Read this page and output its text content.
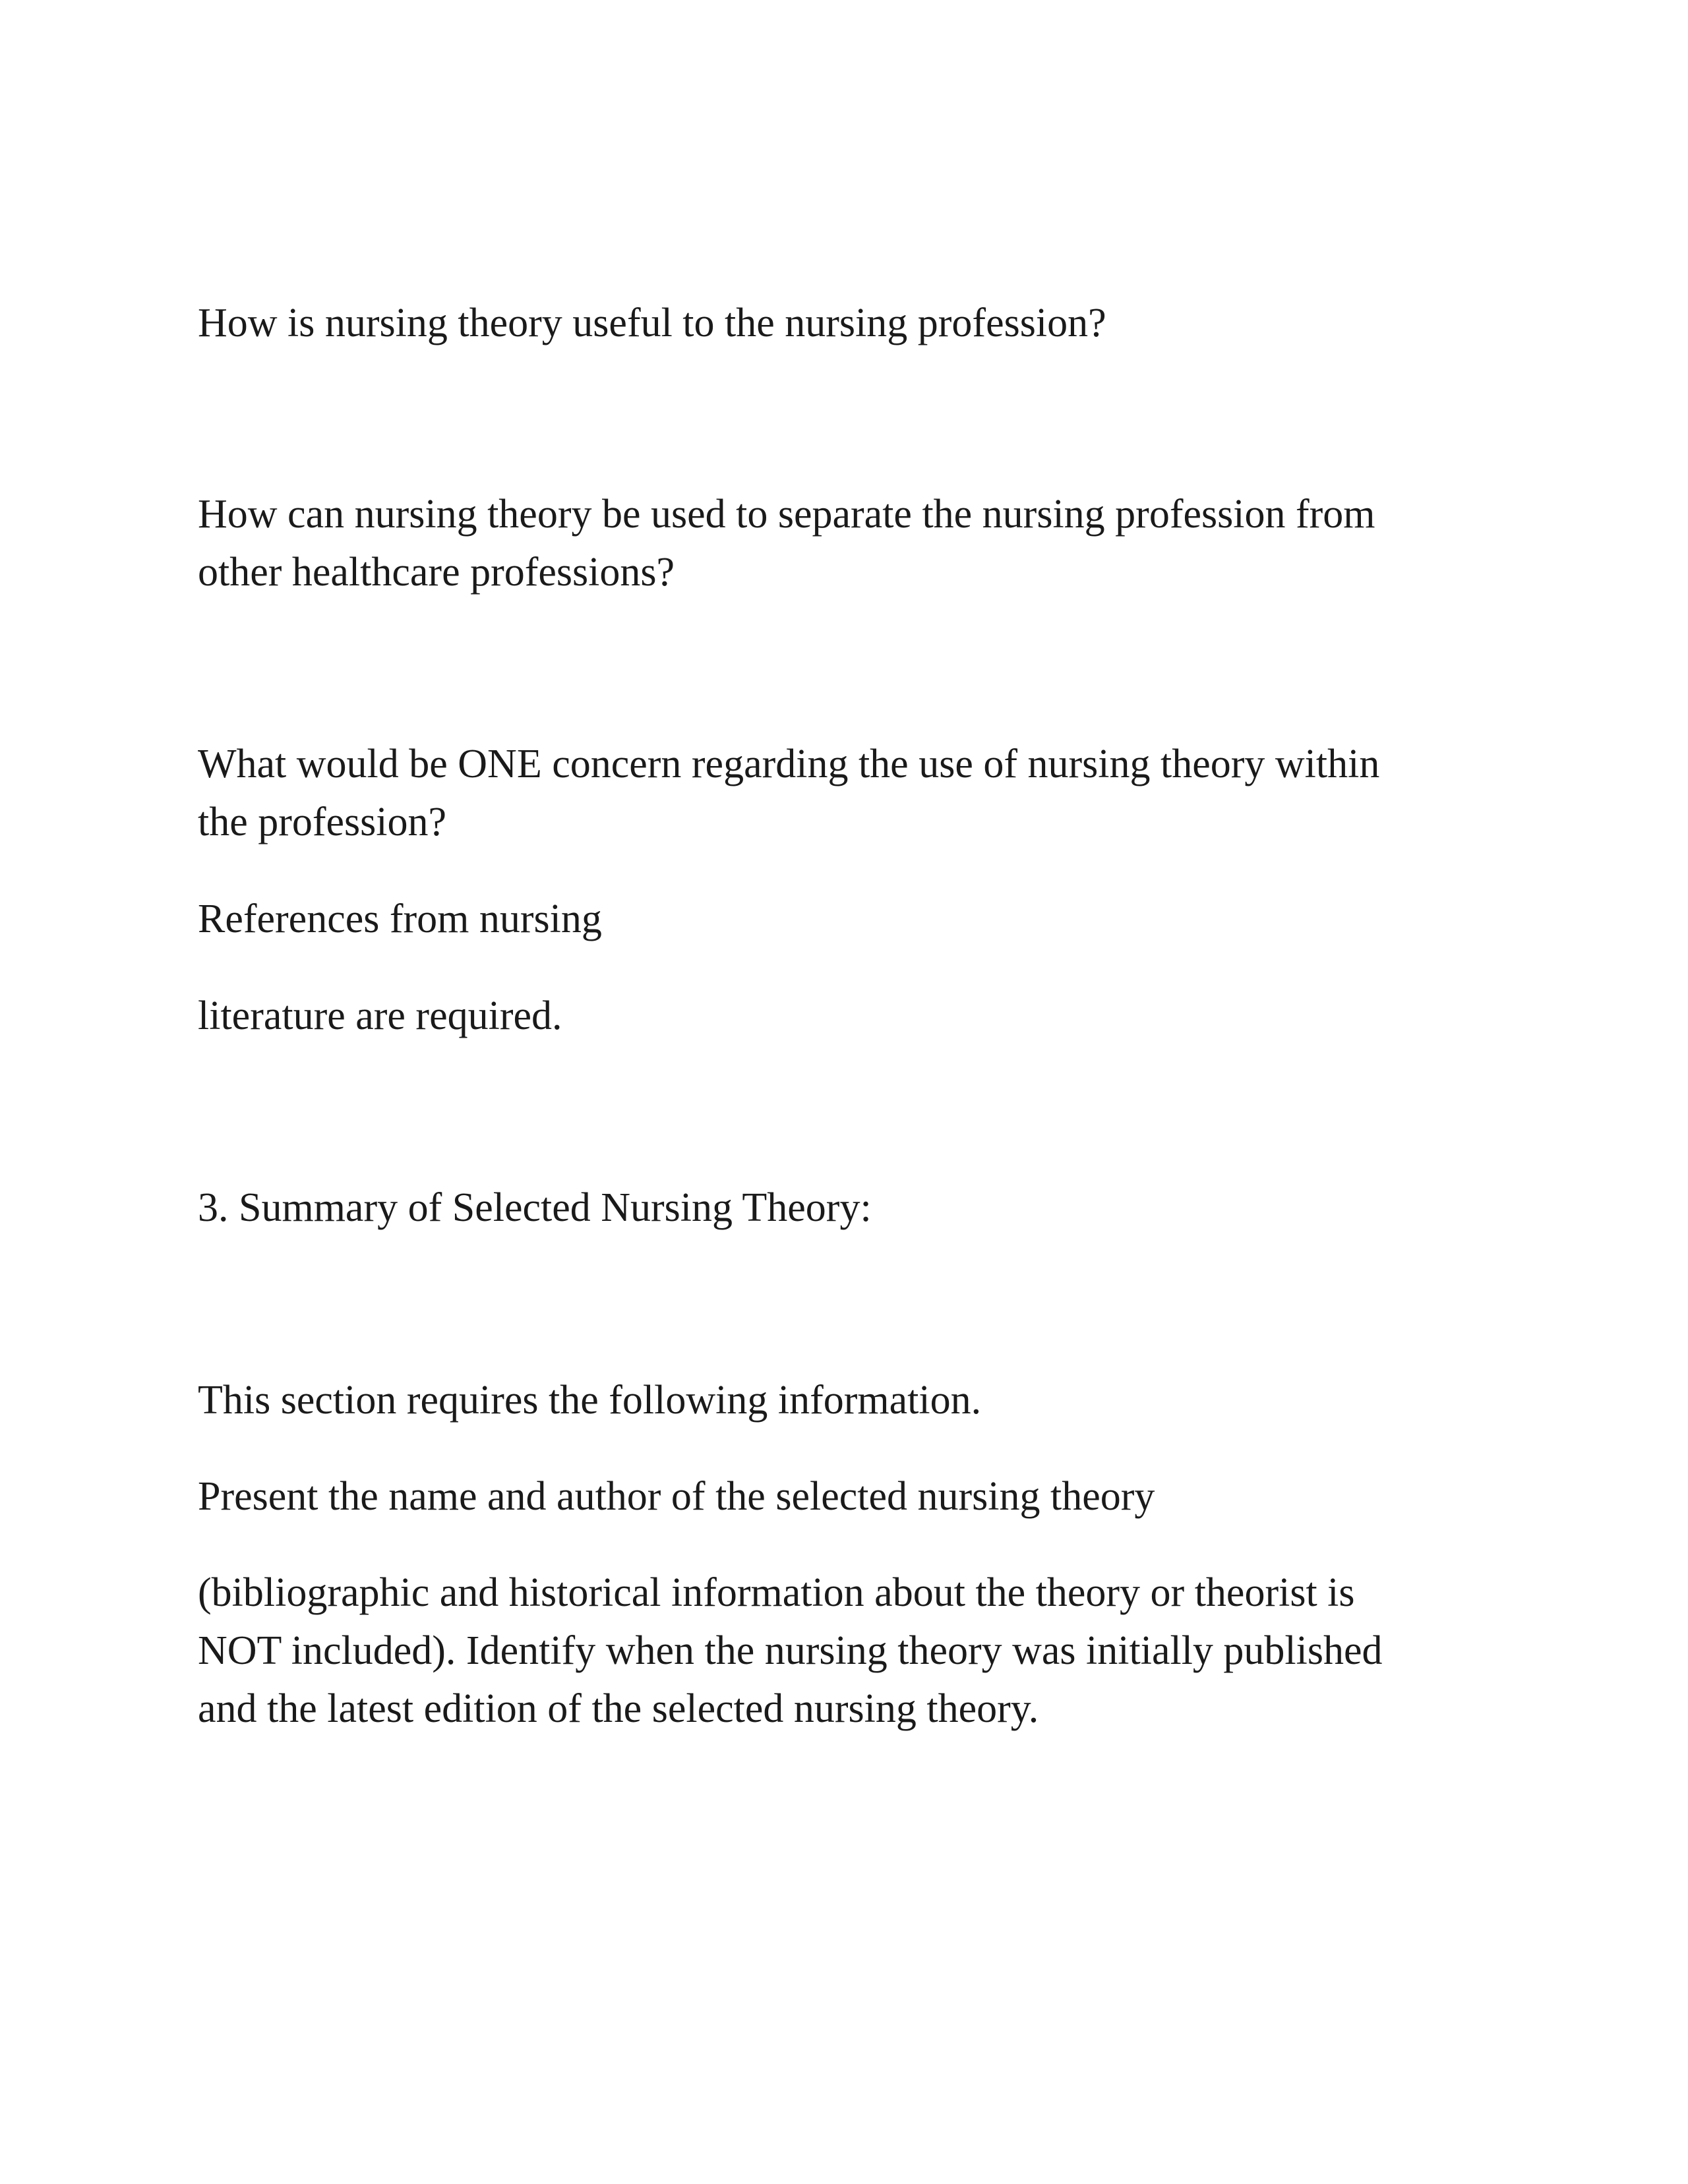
How is nursing theory useful to the nursing profession?

How can nursing theory be used to separate the nursing profession from
other healthcare professions?

What would be ONE concern regarding the use of nursing theory within
the profession?

References from nursing

literature are required.

3. Summary of Selected Nursing Theory:

This section requires the following information.

Present the name and author of the selected nursing theory

(bibliographic and historical information about the theory or theorist is
NOT included). Identify when the nursing theory was initially published
and the latest edition of the selected nursing theory.
